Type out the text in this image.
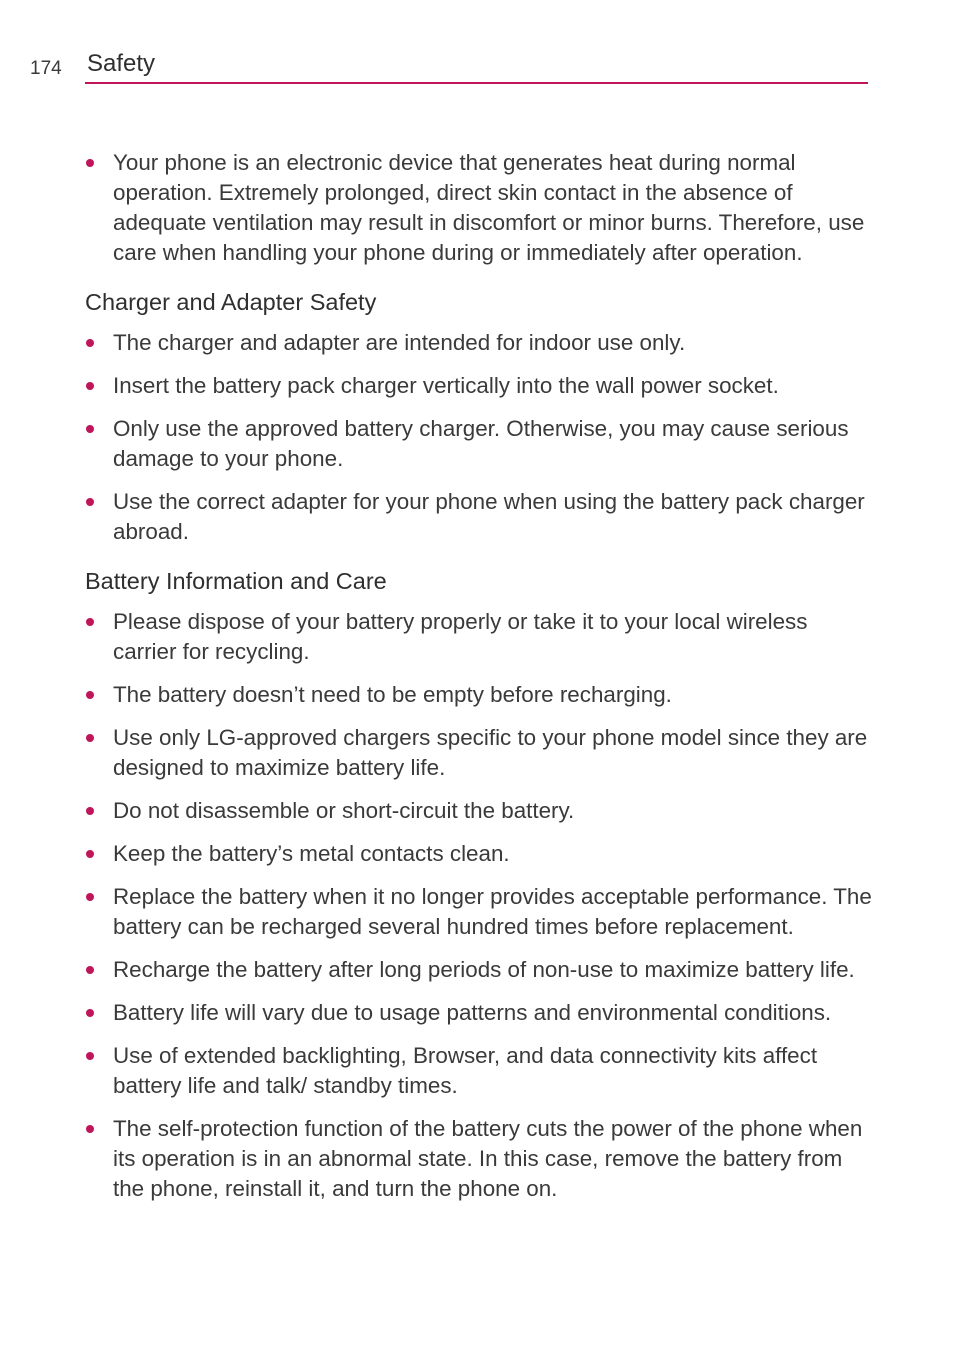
174 Safety
Your phone is an electronic device that generates heat during normal operation. Extremely prolonged, direct skin contact in the absence of adequate ventilation may result in discomfort or minor burns. Therefore, use care when handling your phone during or immediately after operation.
Charger and Adapter Safety
The charger and adapter are intended for indoor use only.
Insert the battery pack charger vertically into the wall power socket.
Only use the approved battery charger. Otherwise, you may cause serious damage to your phone.
Use the correct adapter for your phone when using the battery pack charger abroad.
Battery Information and Care
Please dispose of your battery properly or take it to your local wireless carrier for recycling.
The battery doesn’t need to be empty before recharging.
Use only LG-approved chargers specific to your phone model since they are designed to maximize battery life.
Do not disassemble or short-circuit the battery.
Keep the battery’s metal contacts clean.
Replace the battery when it no longer provides acceptable performance. The battery can be recharged several hundred times before replacement.
Recharge the battery after long periods of non-use to maximize battery life.
Battery life will vary due to usage patterns and environmental conditions.
Use of extended backlighting, Browser, and data connectivity kits affect battery life and talk/ standby times.
The self-protection function of the battery cuts the power of the phone when its operation is in an abnormal state. In this case, remove the battery from the phone, reinstall it, and turn the phone on.
